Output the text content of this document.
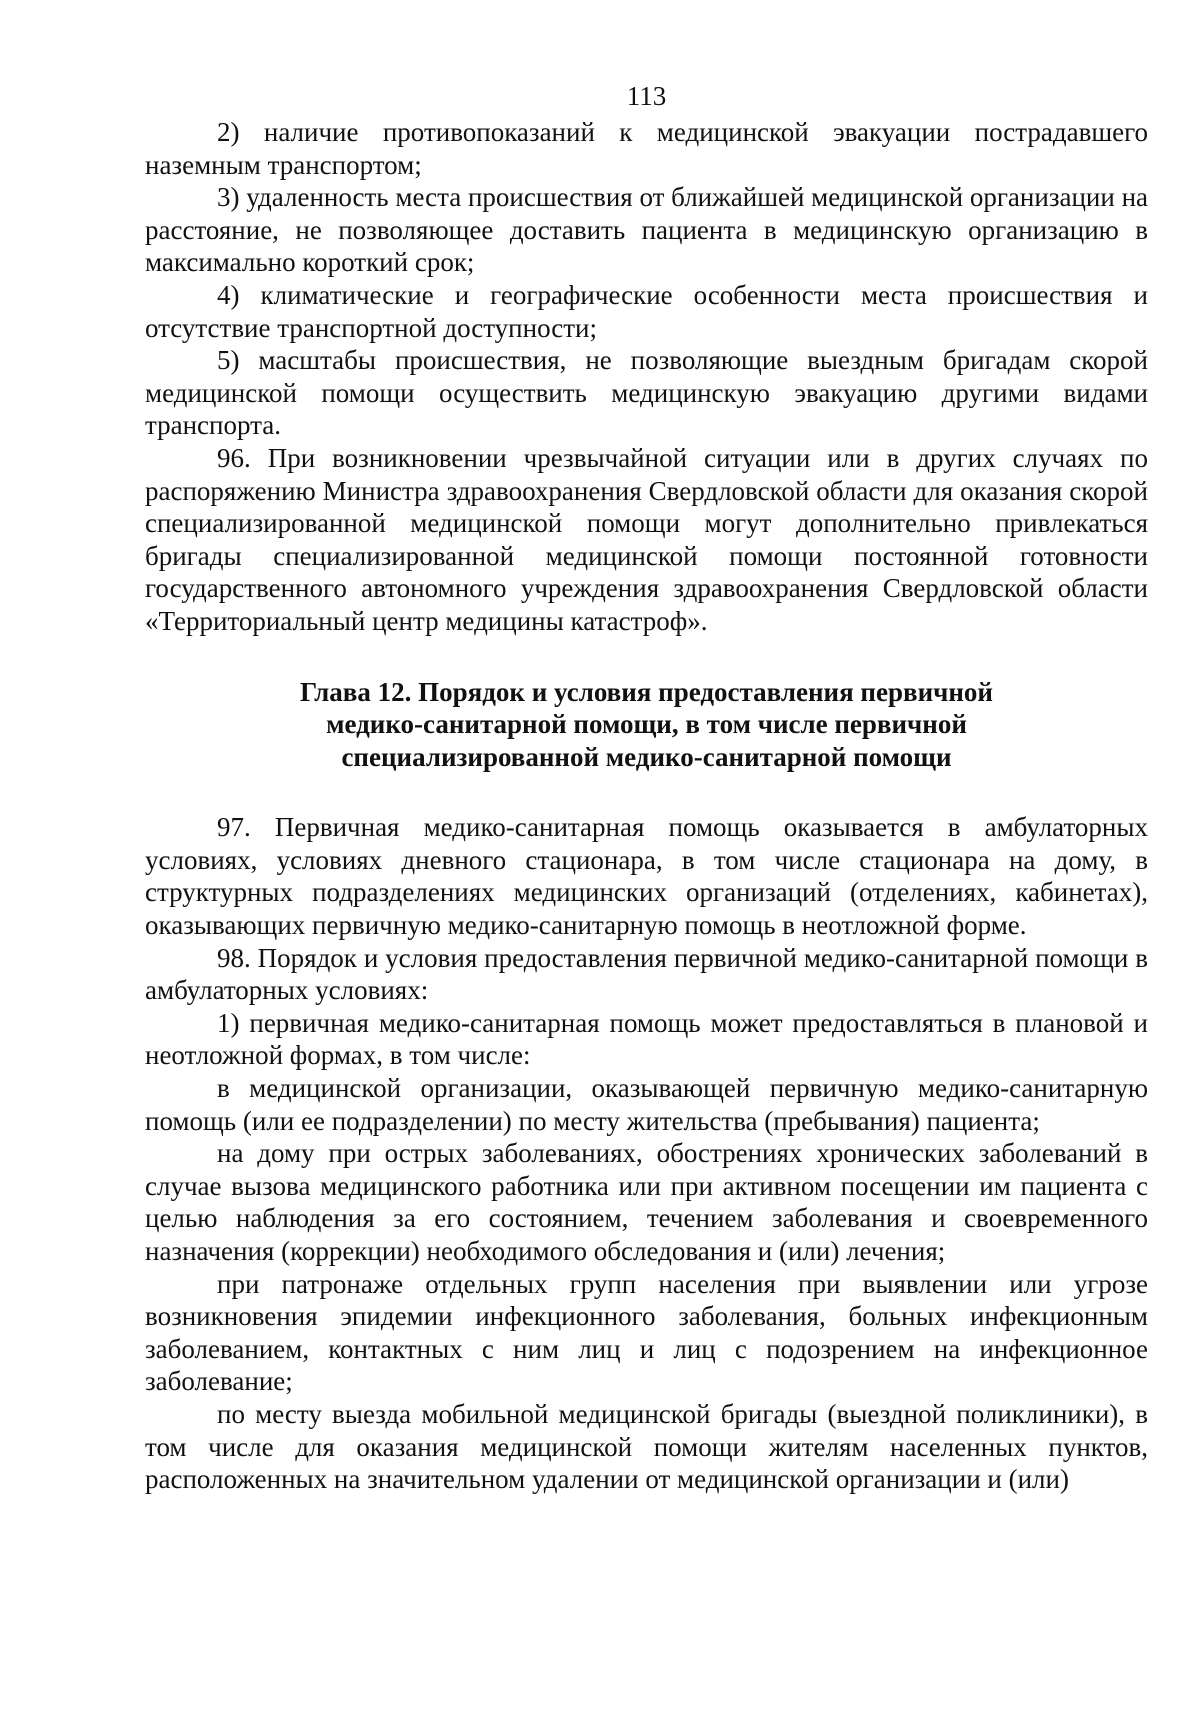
113

2) наличие противопоказаний к медицинской эвакуации пострадавшего наземным транспортом;

3) удаленность места происшествия от ближайшей медицинской организации на расстояние, не позволяющее доставить пациента в медицинскую организацию в максимально короткий срок;

4) климатические и географические особенности места происшествия и отсутствие транспортной доступности;

5) масштабы происшествия, не позволяющие выездным бригадам скорой медицинской помощи осуществить медицинскую эвакуацию другими видами транспорта.

96. При возникновении чрезвычайной ситуации или в других случаях по распоряжению Министра здравоохранения Свердловской области для оказания скорой специализированной медицинской помощи могут дополнительно привлекаться бригады специализированной медицинской помощи постоянной готовности государственного автономного учреждения здравоохранения Свердловской области «Территориальный центр медицины катастроф».

Глава 12. Порядок и условия предоставления первичной
медико-санитарной помощи, в том числе первичной
специализированной медико-санитарной помощи

97. Первичная медико-санитарная помощь оказывается в амбулаторных условиях, условиях дневного стационара, в том числе стационара на дому, в структурных подразделениях медицинских организаций (отделениях, кабинетах), оказывающих первичную медико-санитарную помощь в неотложной форме.

98. Порядок и условия предоставления первичной медико-санитарной помощи в амбулаторных условиях:

1) первичная медико-санитарная помощь может предоставляться в плановой и неотложной формах, в том числе:

в медицинской организации, оказывающей первичную медико-санитарную помощь (или ее подразделении) по месту жительства (пребывания) пациента;

на дому при острых заболеваниях, обострениях хронических заболеваний в случае вызова медицинского работника или при активном посещении им пациента с целью наблюдения за его состоянием, течением заболевания и своевременного назначения (коррекции) необходимого обследования и (или) лечения;

при патронаже отдельных групп населения при выявлении или угрозе возникновения эпидемии инфекционного заболевания, больных инфекционным заболеванием, контактных с ним лиц и лиц с подозрением на инфекционное заболевание;

по месту выезда мобильной медицинской бригады (выездной поликлиники), в том числе для оказания медицинской помощи жителям населенных пунктов, расположенных на значительном удалении от медицинской организации и (или)
